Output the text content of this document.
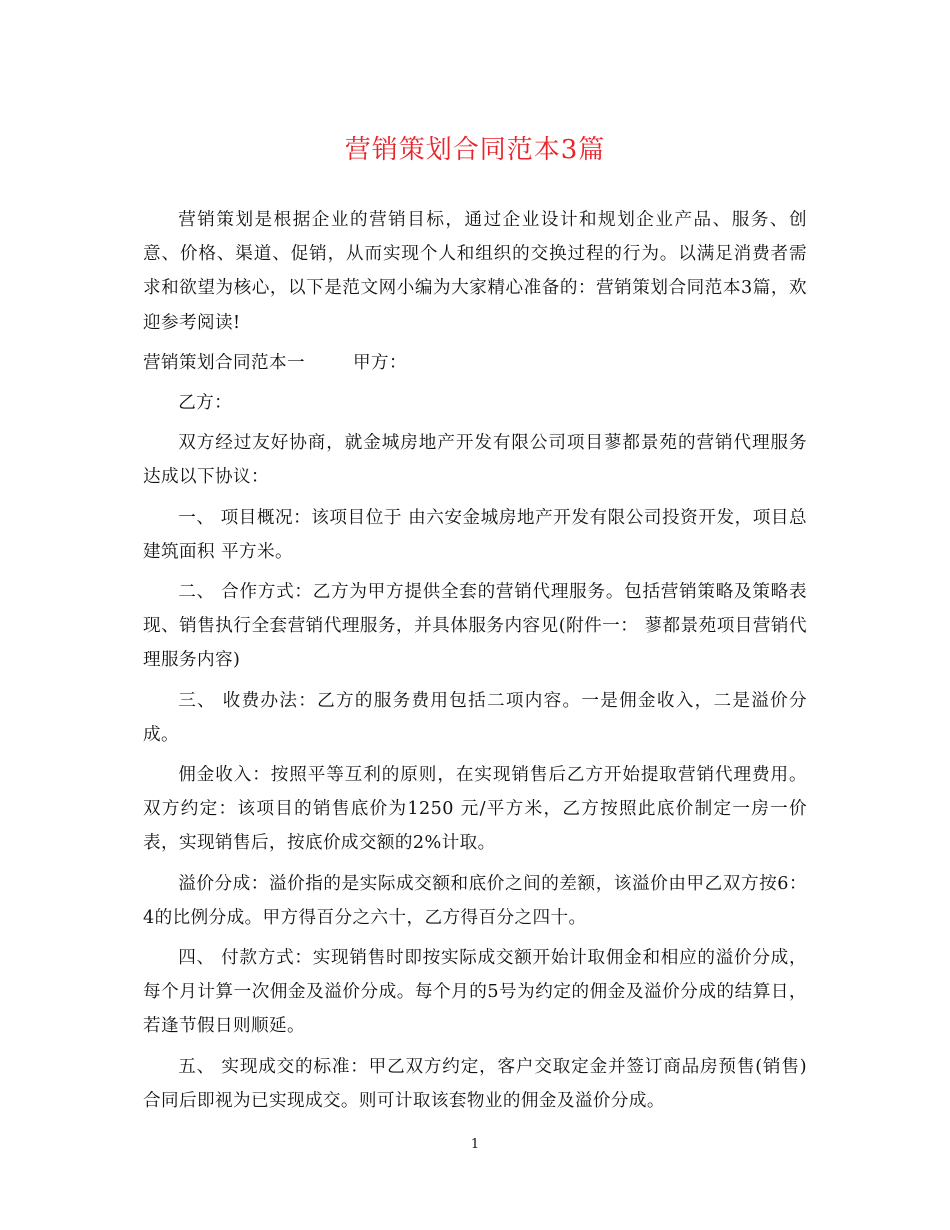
营销策划合同范本3篇

营销策划是根据企业的营销目标，通过企业设计和规划企业产品、服务、创意、价格、渠道、促销，从而实现个人和组织的交换过程的行为。以满足消费者需求和欲望为核心，以下是范文网小编为大家精心准备的：营销策划合同范本3篇，欢迎参考阅读!

营销策划合同范本一	甲方：

乙方：

双方经过友好协商，就金城房地产开发有限公司项目蓼都景苑的营销代理服务达成以下协议：

一、 项目概况：该项目位于 由六安金城房地产开发有限公司投资开发，项目总建筑面积 平方米。

二、 合作方式：乙方为甲方提供全套的营销代理服务。包括营销策略及策略表现、销售执行全套营销代理服务，并具体服务内容见(附件一： 蓼都景苑项目营销代理服务内容)

三、 收费办法：乙方的服务费用包括二项内容。一是佣金收入，二是溢价分成。

佣金收入：按照平等互利的原则，在实现销售后乙方开始提取营销代理费用。双方约定：该项目的销售底价为1250 元/平方米，乙方按照此底价制定一房一价表，实现销售后，按底价成交额的2%计取。

溢价分成：溢价指的是实际成交额和底价之间的差额，该溢价由甲乙双方按6：4的比例分成。甲方得百分之六十，乙方得百分之四十。

四、 付款方式：实现销售时即按实际成交额开始计取佣金和相应的溢价分成，每个月计算一次佣金及溢价分成。每个月的5号为约定的佣金及溢价分成的结算日，若逢节假日则顺延。

五、 实现成交的标准：甲乙双方约定，客户交取定金并签订商品房预售(销售)合同后即视为已实现成交。则可计取该套物业的佣金及溢价分成。

1
